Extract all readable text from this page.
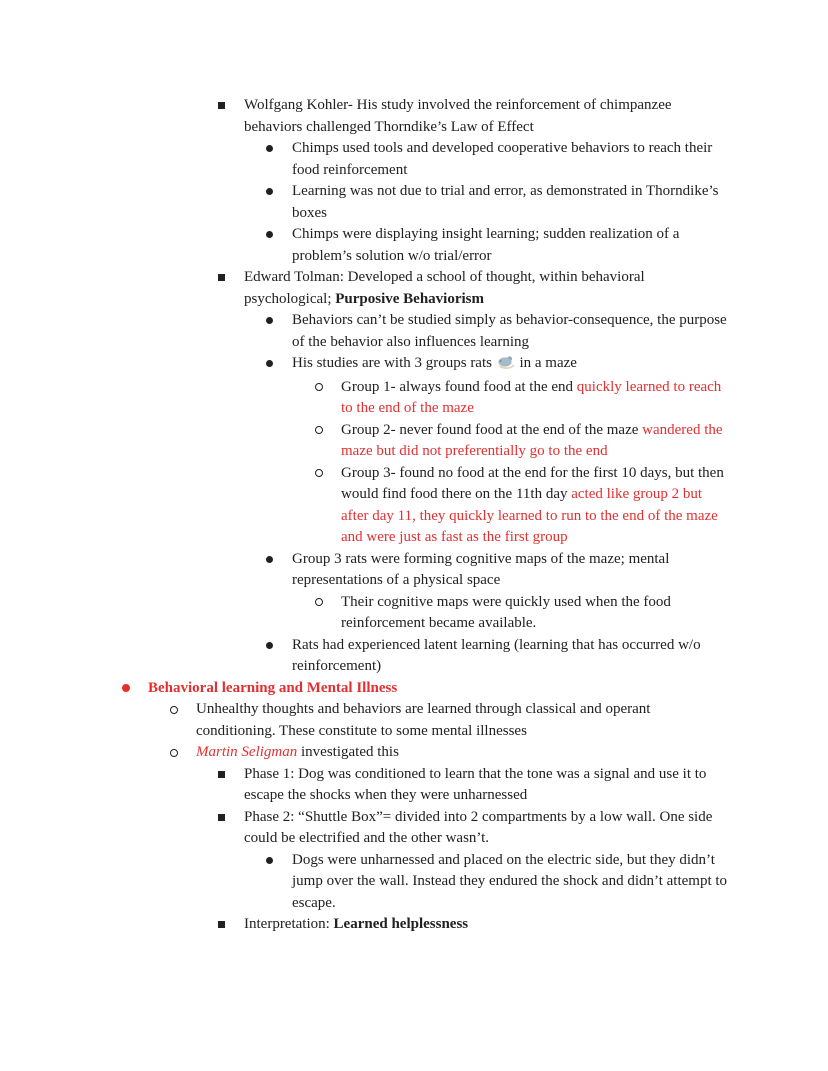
Wolfgang Kohler- His study involved the reinforcement of chimpanzee behaviors challenged Thorndike’s Law of Effect
Chimps used tools and developed cooperative behaviors to reach their food reinforcement
Learning was not due to trial and error, as demonstrated in Thorndike’s boxes
Chimps were displaying insight learning; sudden realization of a problem’s solution w/o trial/error
Edward Tolman: Developed a school of thought, within behavioral psychological; Purposive Behaviorism
Behaviors can’t be studied simply as behavior-consequence, the purpose of the behavior also influences learning
His studies are with 3 groups rats  in a maze
Group 1- always found food at the end quickly learned to reach to the end of the maze
Group 2- never found food at the end of the maze wandered the maze but did not preferentially go to the end
Group 3- found no food at the end for the first 10 days, but then would find food there on the 11th day acted like group 2 but after day 11, they quickly learned to run to the end of the maze and were just as fast as the first group
Group 3 rats were forming cognitive maps of the maze; mental representations of a physical space
Their cognitive maps were quickly used when the food reinforcement became available.
Rats had experienced latent learning (learning that has occurred w/o reinforcement)
Behavioral learning and Mental Illness
Unhealthy thoughts and behaviors are learned through classical and operant conditioning. These constitute to some mental illnesses
Martin Seligman investigated this
Phase 1: Dog was conditioned to learn that the tone was a signal and use it to escape the shocks when they were unharnessed
Phase 2: “Shuttle Box”= divided into 2 compartments by a low wall. One side could be electrified and the other wasn’t.
Dogs were unharnessed and placed on the electric side, but they didn’t jump over the wall. Instead they endured the shock and didn’t attempt to escape.
Interpretation: Learned helplessness
